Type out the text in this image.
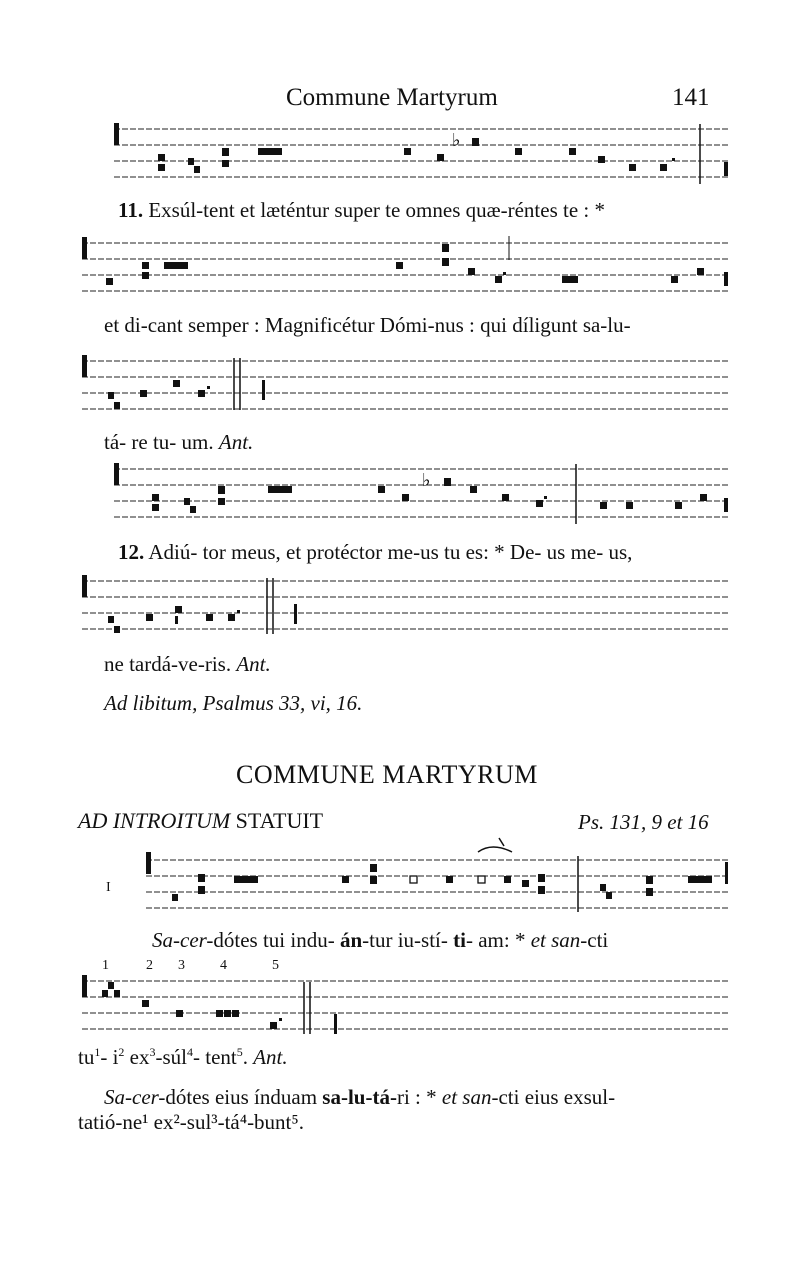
Commune Martyrum	141
♭
11. Exsúl-tent et læténtur super te omnes quæ-réntes te : *
et di-cant semper : Magnificétur Dómi-nus : qui díligunt sa-lu-
tá- re tu- um. Ant.
♭
12. Adiú- tor meus, et protéctor me-us tu es: * De- us me- us,
ne tardá-ve-ris. Ant.
Ad libitum, Psalmus 33, vi, 16.
COMMUNE MARTYRUM
AD INTROITUM STATUIT	Ps. 131, 9 et 16
I
Sa-cer-dótes tui indu- án-tur iu-stí- ti- am: * et san-cti
1	2 3	4	5
$tu^1-$ $i^2$ $ex^3-súl^4-$ tent$^5$. Ant.
Sa-cer-dótes eius índuam sa-lu-tá-ri : * et san-cti eius exsul-
tatió-ne¹ ex²-sul³-tá⁴-bunt⁵.
